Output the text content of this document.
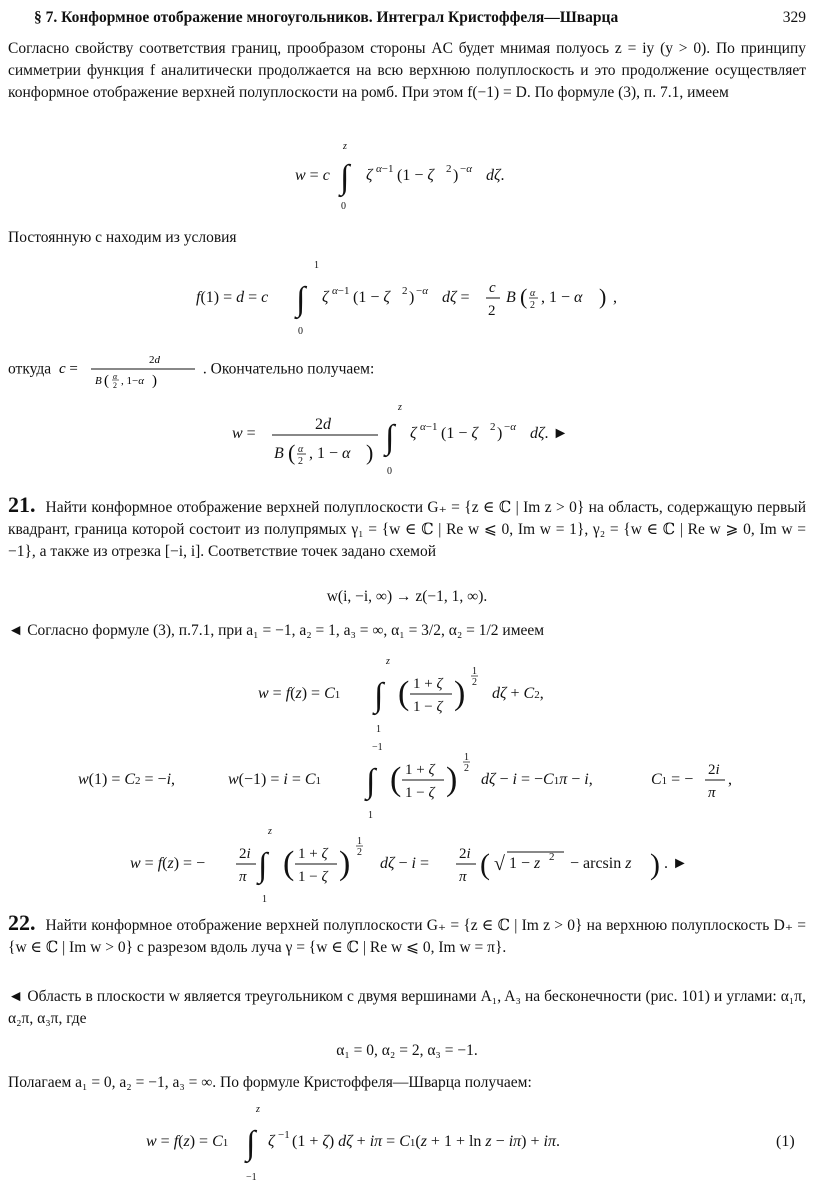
§ 7. Конформное отображение многоугольников. Интеграл Кристоффеля—Шварца	329
Согласно свойству соответствия границ, прообразом стороны AC будет мнимая полуось z = iy (y > 0). По принципу симметрии функция f аналитически продолжается на всю верхнюю полуплоскость и это продолжение осуществляет конформное отображение верхней полуплоскости на ромб. При этом f(−1) = D. По формуле (3), п. 7.1, имеем
z
w = c ∫
0
ζ α−1 (1 − ζ 2 ) −α dζ.
Постоянную c находим из условия
1
f(1) = d = c ∫
0
ζ α−1 (1 − ζ 2 ) −α dζ =
c
2
B ( α
2 , 1 − α ) ,
откуда c =
2d
B ( α
2 , 1−α )
. Окончательно получаем:
z
w =
2d
B ( α
2 , 1 − α ) ∫
0
ζ α−1 (1 − ζ 2 ) −α dζ. ►
21. Найти конформное отображение верхней полуплоскости G₊ = {z ∈ ℂ | Im z > 0} на область, содержащую первый квадрант, граница которой состоит из полупрямых γ₁ = {w ∈ ℂ | Re w ⩽ 0, Im w = 1}, γ₂ = {w ∈ ℂ | Re w ⩾ 0, Im w = −1}, а также из отрезка [−i, i]. Соответствие точек задано схемой
w(i, −i, ∞) → z(−1, 1, ∞).
◄ Согласно формуле (3), п.7.1, при a₁ = −1, a₂ = 1, a₃ = ∞, α₁ = 3/2, α₂ = 1/2 имеем
z
w = f(z) = C1 ∫
1
( 1 + ζ
1 − ζ )
1
2
dζ + C2,
−1
w(1) = C2 = −i,	w(−1) = i = C1 ∫
1
( 1 + ζ
1 − ζ )
1
2
dζ − i = −C1π − i,	C1 = −
2i
π
,
z
w = f(z) = −
2i
π ∫
1
( 1 + ζ
1 − ζ )
1
2
dζ − i =
2i
π ( √ 1 − z 2 − arcsin z ) . ►
22. Найти конформное отображение верхней полуплоскости G₊ = {z ∈ ℂ | Im z > 0} на верхнюю полуплоскость D₊ = {w ∈ ℂ | Im w > 0} с разрезом вдоль луча γ = {w ∈ ℂ | Re w ⩽ 0, Im w = π}.
◄ Область в плоскости w является треугольником с двумя вершинами A₁, A₃ на бесконечности (рис. 101) и углами: α₁π, α₂π, α₃π, где
α₁ = 0, α₂ = 2, α₃ = −1.
Полагаем a₁ = 0, a₂ = −1, a₃ = ∞. По формуле Кристоффеля—Шварца получаем:
z
w = f(z) = C1 ∫
−1
ζ −1 (1 + ζ) dζ + iπ = C1(z + 1 + ln z − iπ) + iπ.	(1)
